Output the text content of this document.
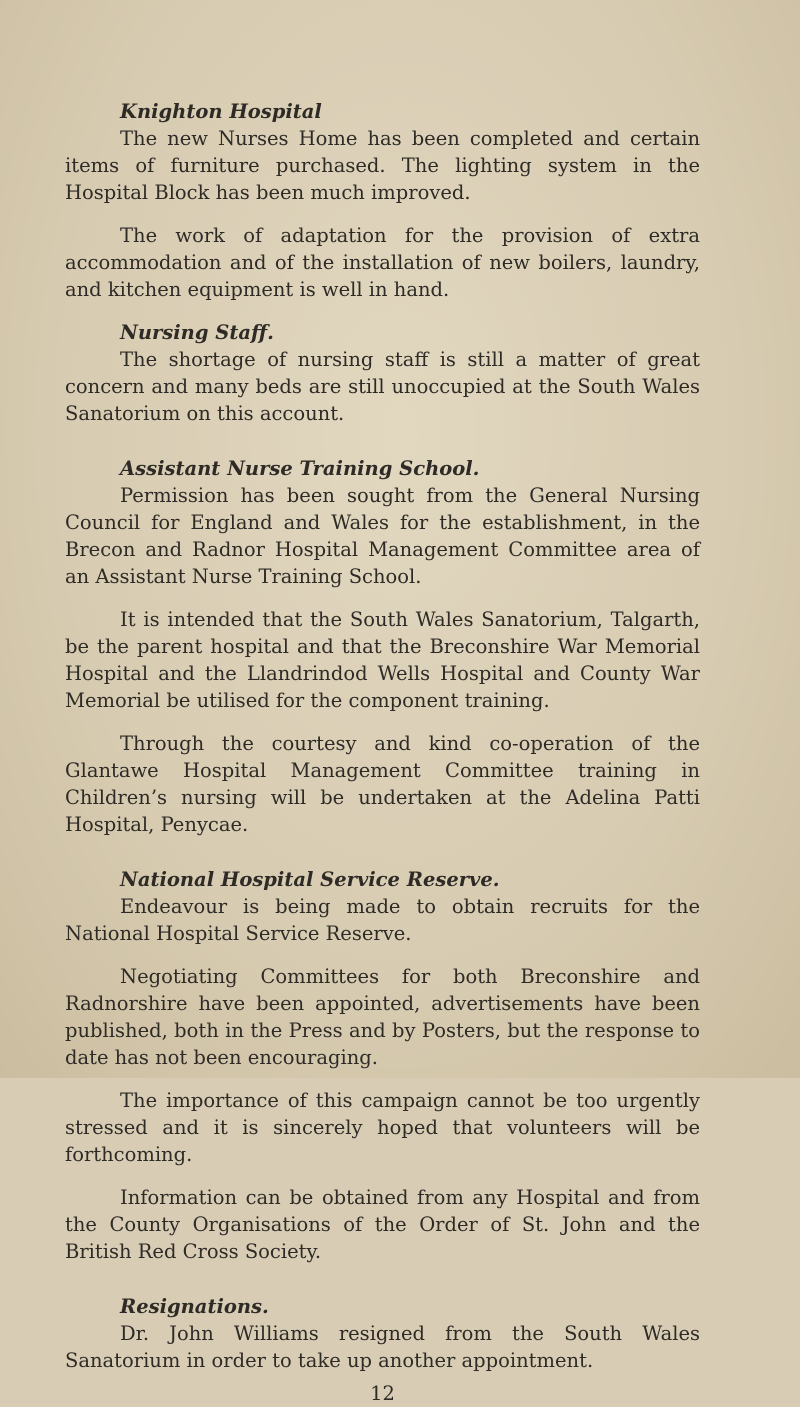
Knighton Hospital

The new Nurses Home has been completed and certain items of furniture purchased. The lighting system in the Hospital Block has been much improved.

The work of adaptation for the provision of extra accommodation and of the installation of new boilers, laundry, and kitchen equipment is well in hand.

Nursing Staff.

The shortage of nursing staff is still a matter of great concern and many beds are still unoccupied at the South Wales Sanatorium on this account.

Assistant Nurse Training School.

Permission has been sought from the General Nursing Council for England and Wales for the establishment, in the Brecon and Radnor Hospital Management Committee area of an Assistant Nurse Training School.

It is intended that the South Wales Sanatorium, Talgarth, be the parent hospital and that the Breconshire War Memorial Hospital and the Llandrindod Wells Hospital and County War Memorial be utilised for the component training.

Through the courtesy and kind co-operation of the Glantawe Hospital Management Committee training in Children’s nursing will be undertaken at the Adelina Patti Hospital, Penycae.

National Hospital Service Reserve.

Endeavour is being made to obtain recruits for the National Hospital Service Reserve.

Negotiating Committees for both Breconshire and Radnorshire have been appointed, advertisements have been published, both in the Press and by Posters, but the response to date has not been encouraging.

The importance of this campaign cannot be too urgently stressed and it is sincerely hoped that volunteers will be forthcoming.

Information can be obtained from any Hospital and from the County Organisations of the Order of St. John and the British Red Cross Society.

Resignations.

Dr. John Williams resigned from the South Wales Sanatorium in order to take up another appointment.

12
